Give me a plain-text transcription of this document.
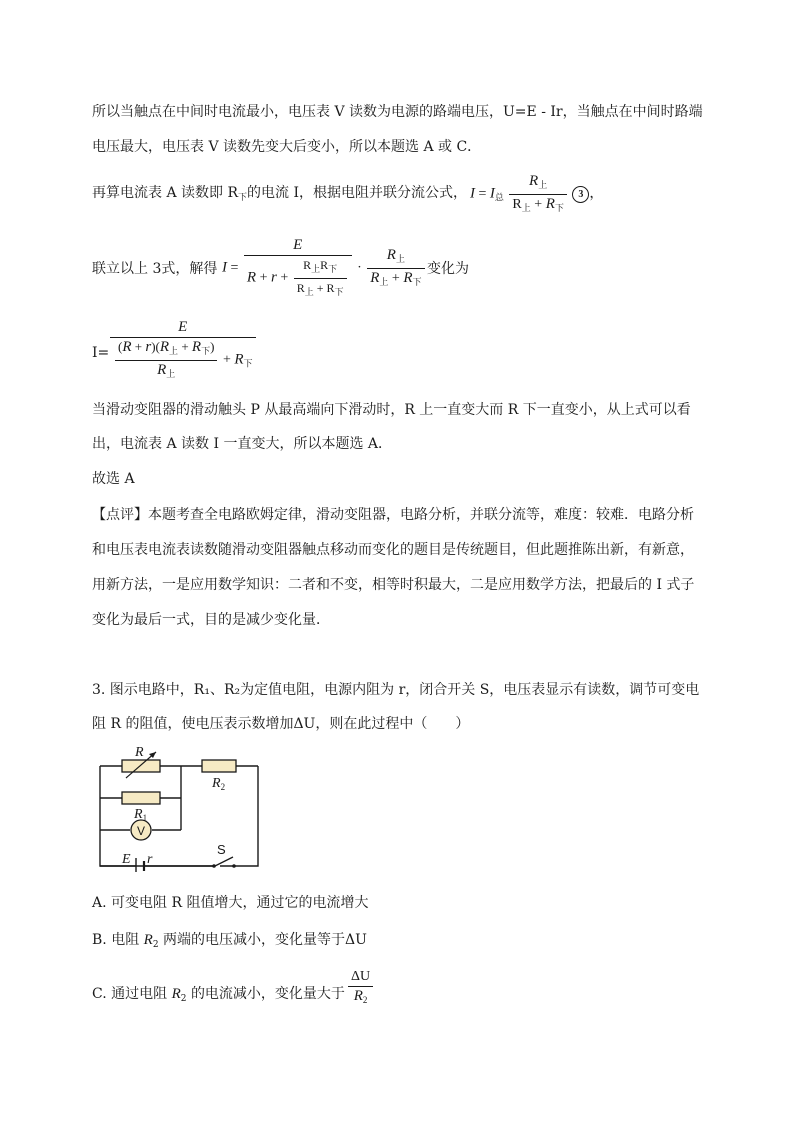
所以当触点在中间时电流最小，电压表 V 读数为电源的路端电压，U=E - Ir，当触点在中间时路端
电压最大，电压表 V 读数先变大后变小，所以本题选 A 或 C．
再算电流表 A 读数即 $R_下$的电流 I，根据电阻并联分流公式， $I = I_总 \frac{R_上}{R_上 + R_下} 3$ ，
联立以上 3式，解得 $I = \frac{E}{R + r + \frac{R_上R_下}{R_上 + R_下}} \cdot \frac{R_上}{R_上 + R_下}$ 变化为
$I= \frac{E}{\frac{(R + r)(R_上 + R_下)}{R_上} + R_下}$
当滑动变阻器的滑动触头 P 从最高端向下滑动时，R 上一直变大而 R 下一直变小，从上式可以看
出，电流表 A 读数 I 一直变大，所以本题选 A．
故选 A
【点评】本题考查全电路欧姆定律，滑动变阻器，电路分析，并联分流等，难度：较难．电路分析
和电压表电流表读数随滑动变阻器触点移动而变化的题目是传统题目，但此题推陈出新，有新意，
用新方法，一是应用数学知识：二者和不变，相等时积最大，二是应用数学方法，把最后的 I 式子
变化为最后一式，目的是减少变化量．
3. 图示电路中，R₁、R₂为定值电阻，电源内阻为 r，闭合开关 S，电压表显示有读数，调节可变电
阻 R 的阻值，使电压表示数增加ΔU，则在此过程中（　　）
V
R
$R_2$
$R_1$
E r
S
A. 可变电阻 R 阻值增大，通过它的电流增大
B. 电阻 $R_2$ 两端的电压减小，变化量等于ΔU
C. 通过电阻 $R_2$ 的电流减小，变化量大于 $\frac{\Delta U}{R_2}$
